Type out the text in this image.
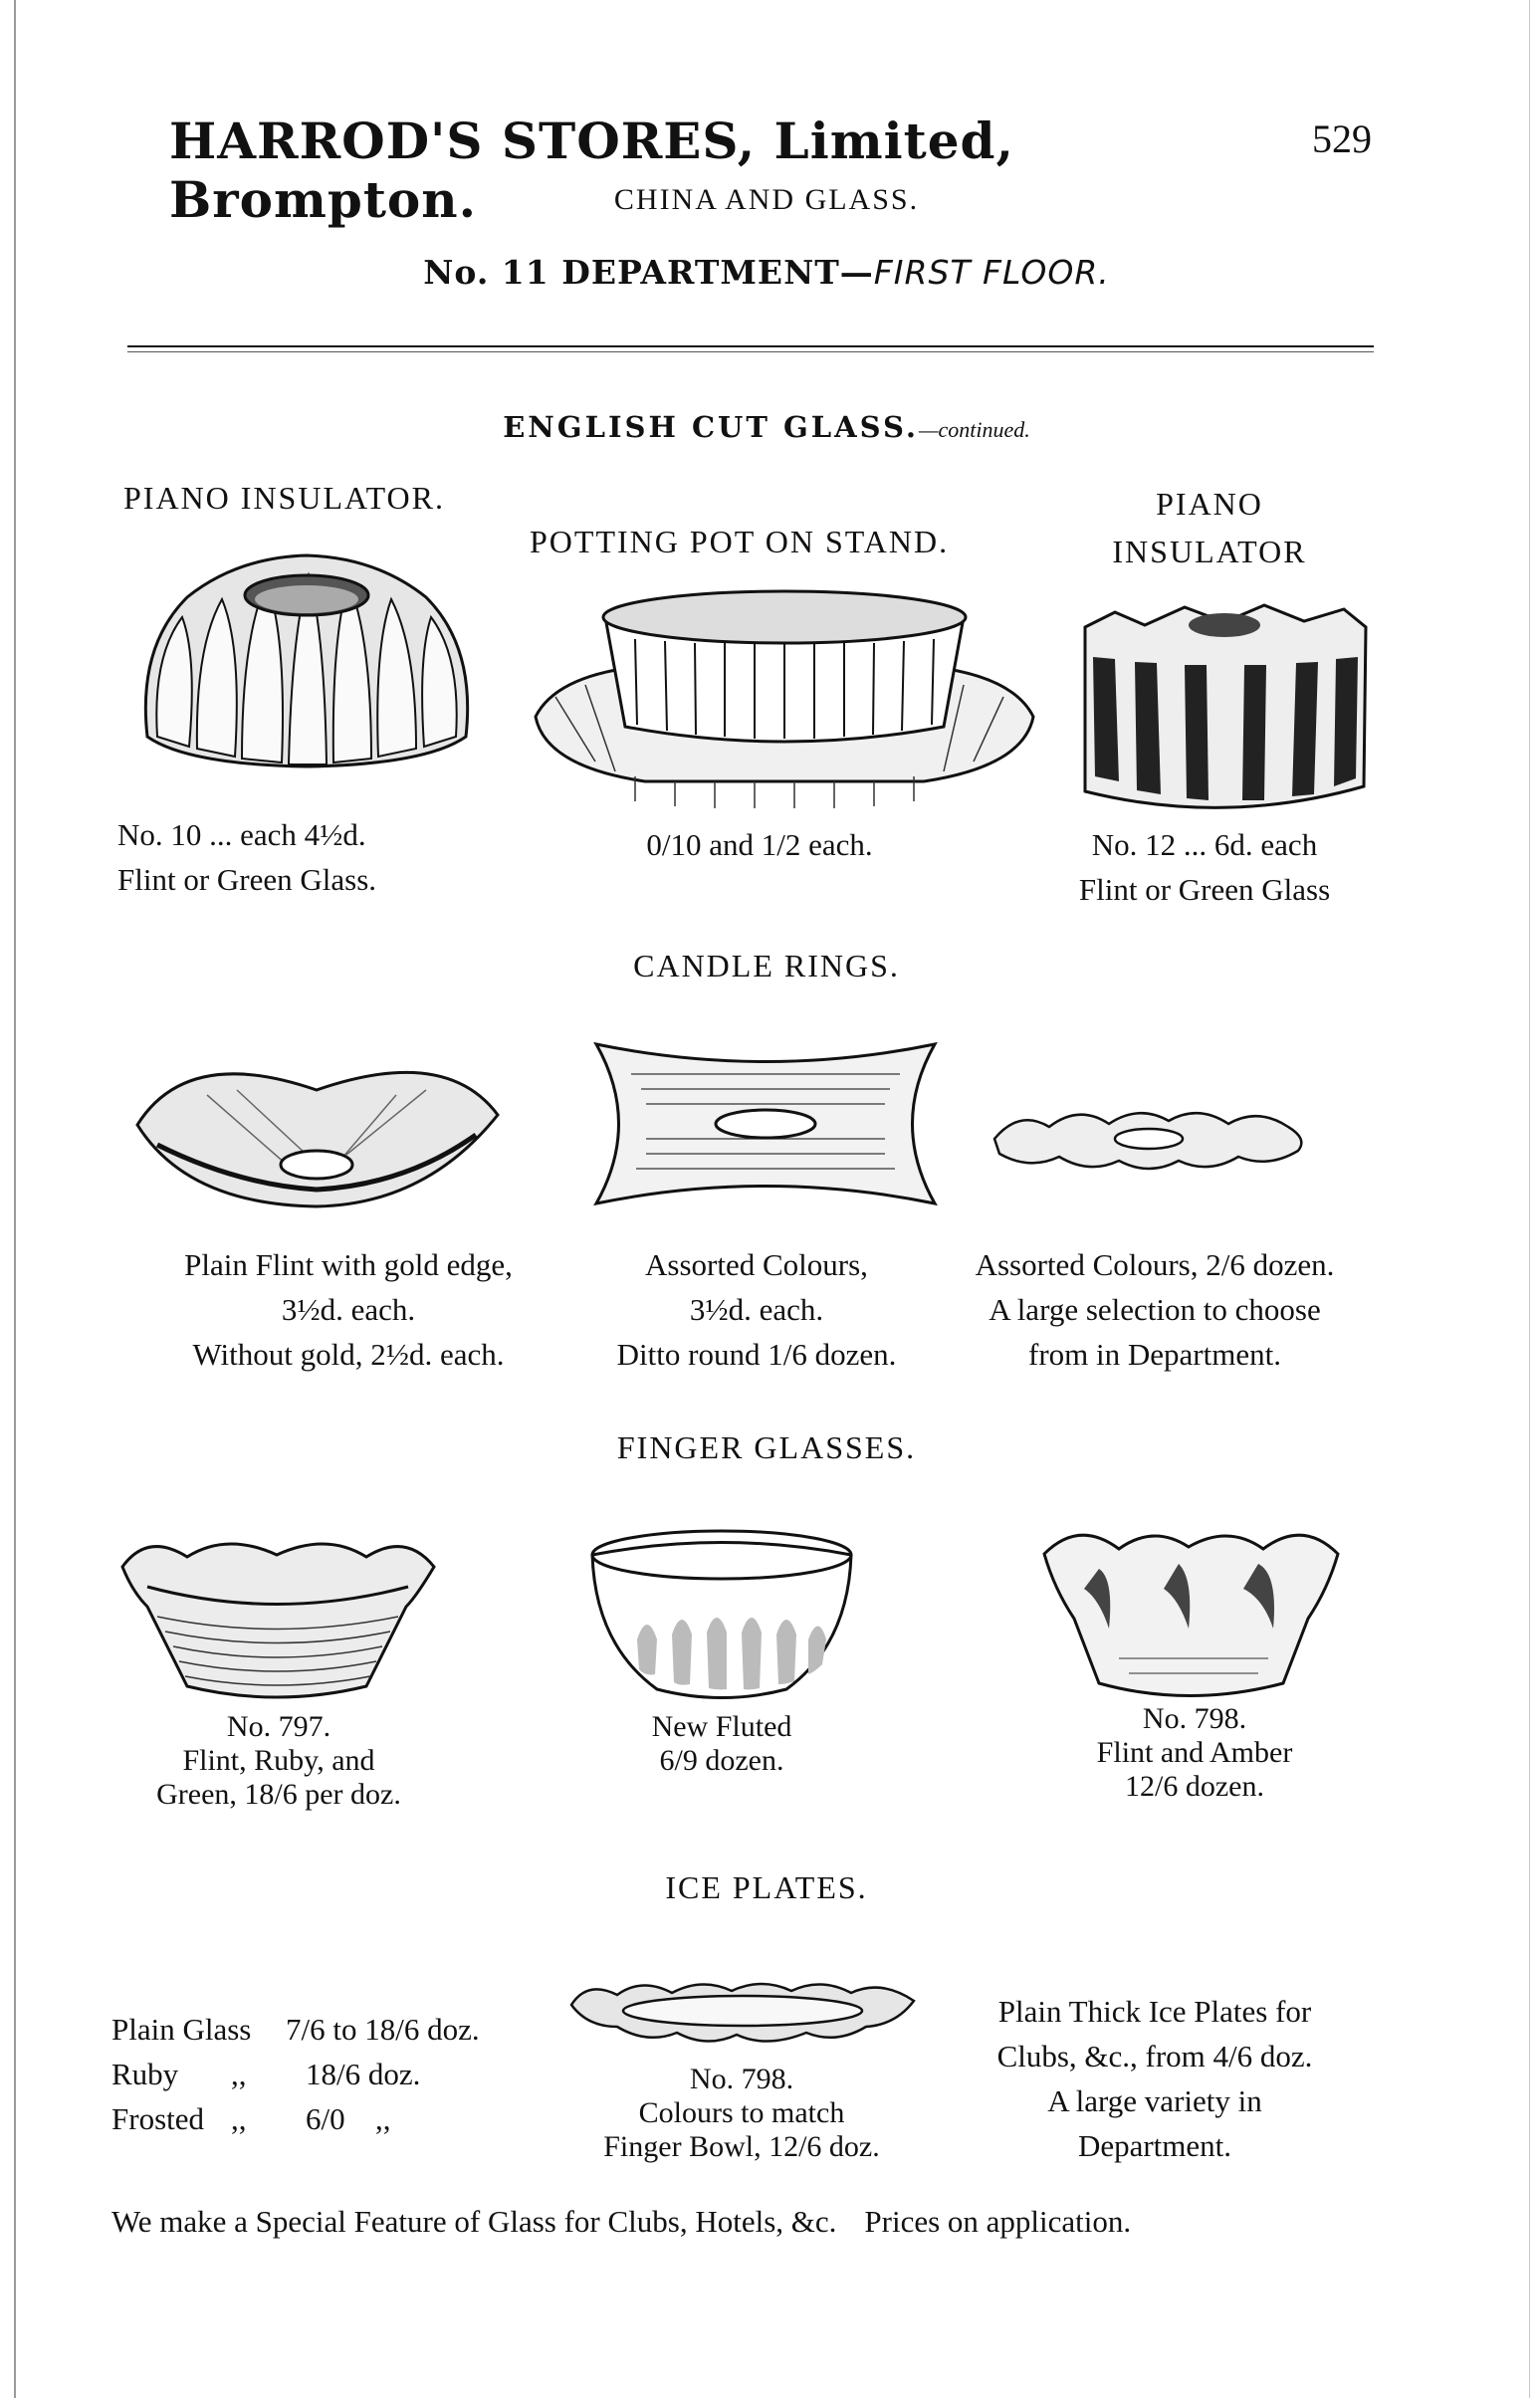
HARROD'S STORES, Limited, Brompton.
529
CHINA AND GLASS.
No. 11 DEPARTMENT—FIRST FLOOR.
ENGLISH CUT GLASS.—continued.
PIANO INSULATOR.
POTTING POT ON STAND.
PIANO
INSULATOR
No. 10 ... each 4½d.
Flint or Green Glass.
0/10 and 1/2 each.	No. 12 ... 6d. each
Flint or Green Glass
CANDLE RINGS.
Plain Flint with gold edge,
3½d. each.
Without gold, 2½d. each.
Assorted Colours,
3½d. each.
Ditto round 1/6 dozen.
Assorted Colours, 2/6 dozen.
A large selection to choose
from in Department.
FINGER GLASSES.
No. 797.
Flint, Ruby, and
Green, 18/6 per doz.
New Fluted
6/9 dozen.
No. 798.
Flint and Amber
12/6 dozen.
ICE PLATES.
Plain Glass 7/6 to 18/6 doz.
Ruby ,, 18/6 doz.
Frosted ,, 6/0 ,,
No. 798.
Colours to match
Finger Bowl, 12/6 doz.
Plain Thick Ice Plates for
Clubs, &c., from 4/6 doz.
A large variety in
Department.
We make a Special Feature of Glass for Clubs, Hotels, &c. Prices on application.
